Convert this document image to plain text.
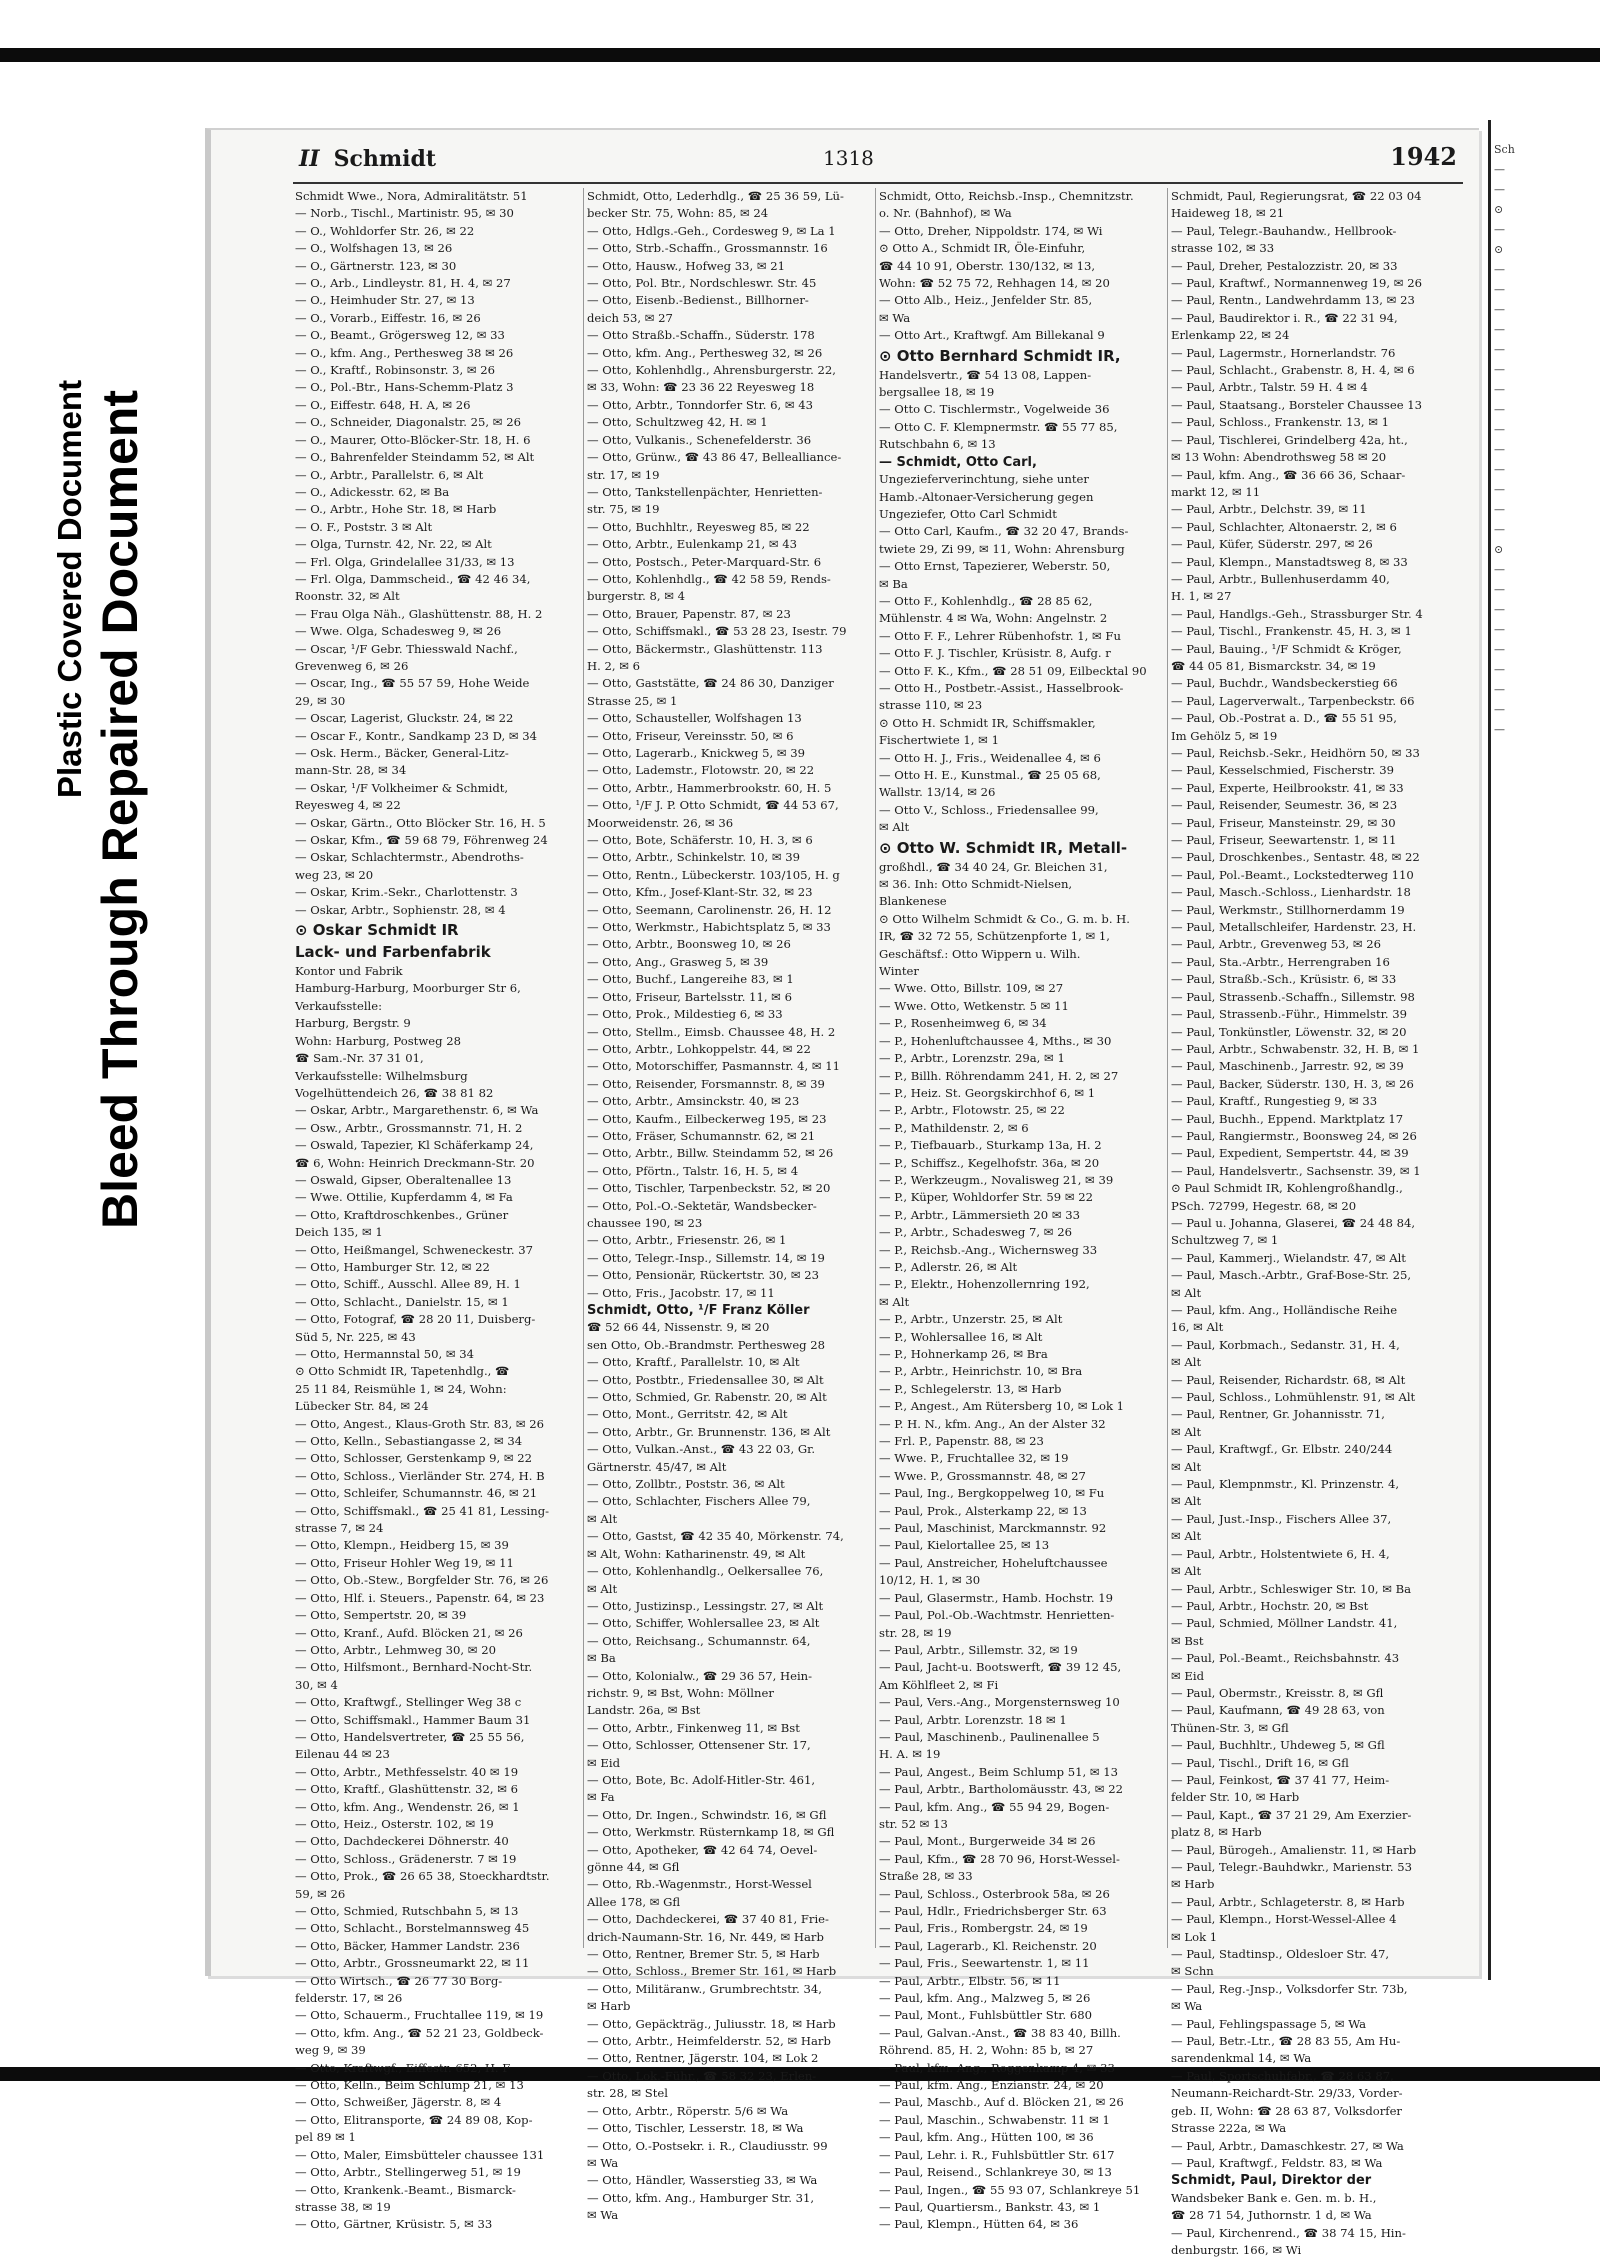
Bleed Through Repaired Document
Plastic Covered Document
II Schmidt	1318	1942
Schmidt Wwe., Nora, Admiralitätstr. 51
— Norb., Tischl., Martinistr. 95, ✉ 30
— O., Wohldorfer Str. 26, ✉ 22
— O., Wolfshagen 13, ✉ 26
— O., Gärtnerstr. 123, ✉ 30
— O., Arb., Lindleystr. 81, H. 4, ✉ 27
— O., Heimhuder Str. 27, ✉ 13
— O., Vorarb., Eiffestr. 16, ✉ 26
— O., Beamt., Grögersweg 12, ✉ 33
— O., kfm. Ang., Perthesweg 38 ✉ 26
— O., Kraftf., Robinsonstr. 3, ✉ 26
— O., Pol.-Btr., Hans-Schemm-Platz 3
— O., Eiffestr. 648, H. A, ✉ 26
— O., Schneider, Diagonalstr. 25, ✉ 26
— O., Maurer, Otto-Blöcker-Str. 18, H. 6
— O., Bahrenfelder Steindamm 52, ✉ Alt
— O., Arbtr., Parallelstr. 6, ✉ Alt
— O., Adickesstr. 62, ✉ Ba
— O., Arbtr., Hohe Str. 18, ✉ Harb
— O. F., Poststr. 3 ✉ Alt
— Olga, Turnstr. 42, Nr. 22, ✉ Alt
— Frl. Olga, Grindelallee 31/33, ✉ 13
— Frl. Olga, Dammscheid., ☎ 42 46 34,
Roonstr. 32, ✉ Alt
— Frau Olga Näh., Glashüttenstr. 88, H. 2
— Wwe. Olga, Schadesweg 9, ✉ 26
— Oscar, ¹/F Gebr. Thiesswald Nachf.,
Grevenweg 6, ✉ 26
— Oscar, Ing., ☎ 55 57 59, Hohe Weide
29, ✉ 30
— Oscar, Lagerist, Gluckstr. 24, ✉ 22
— Oscar F., Kontr., Sandkamp 23 D, ✉ 34
— Osk. Herm., Bäcker, General-Litz-
mann-Str. 28, ✉ 34
— Oskar, ¹/F Volkheimer & Schmidt,
Reyesweg 4, ✉ 22
— Oskar, Gärtn., Otto Blöcker Str. 16, H. 5
— Oskar, Kfm., ☎ 59 68 79, Föhrenweg 24
— Oskar, Schlachtermstr., Abendroths-
weg 23, ✉ 20
— Oskar, Krim.-Sekr., Charlottenstr. 3
— Oskar, Arbtr., Sophienstr. 28, ✉ 4
⊙ Oskar Schmidt IR
Lack- und Farbenfabrik
Kontor und Fabrik
Hamburg-Harburg, Moorburger Str 6,
Verkaufsstelle:
Harburg, Bergstr. 9
Wohn: Harburg, Postweg 28
☎ Sam.-Nr. 37 31 01,
Verkaufsstelle: Wilhelmsburg
Vogelhüttendeich 26, ☎ 38 81 82
— Oskar, Arbtr., Margarethenstr. 6, ✉ Wa
— Osw., Arbtr., Grossmannstr. 71, H. 2
— Oswald, Tapezier, Kl Schäferkamp 24,
☎ 6, Wohn: Heinrich Dreckmann-Str. 20
— Oswald, Gipser, Oberaltenallee 13
— Wwe. Ottilie, Kupferdamm 4, ✉ Fa
— Otto, Kraftdroschkenbes., Grüner
Deich 135, ✉ 1
— Otto, Heißmangel, Schweneckestr. 37
— Otto, Hamburger Str. 12, ✉ 22
— Otto, Schiff., Ausschl. Allee 89, H. 1
— Otto, Schlacht., Danielstr. 15, ✉ 1
— Otto, Fotograf, ☎ 28 20 11, Duisberg-
Süd 5, Nr. 225, ✉ 43
— Otto, Hermannstal 50, ✉ 34
⊙ Otto Schmidt IR, Tapetenhdlg., ☎
25 11 84, Reismühle 1, ✉ 24, Wohn:
Lübecker Str. 84, ✉ 24
— Otto, Angest., Klaus-Groth Str. 83, ✉ 26
— Otto, Kelln., Sebastiangasse 2, ✉ 34
— Otto, Schlosser, Gerstenkamp 9, ✉ 22
— Otto, Schloss., Vierländer Str. 274, H. B
— Otto, Schleifer, Schumannstr. 46, ✉ 21
— Otto, Schiffsmakl., ☎ 25 41 81, Lessing-
strasse 7, ✉ 24
— Otto, Klempn., Heidberg 15, ✉ 39
— Otto, Friseur Hohler Weg 19, ✉ 11
— Otto, Ob.-Stew., Borgfelder Str. 76, ✉ 26
— Otto, Hlf. i. Steuers., Papenstr. 64, ✉ 23
— Otto, Sempertstr. 20, ✉ 39
— Otto, Kranf., Aufd. Blöcken 21, ✉ 26
— Otto, Arbtr., Lehmweg 30, ✉ 20
— Otto, Hilfsmont., Bernhard-Nocht-Str.
30, ✉ 4
— Otto, Kraftwgf., Stellinger Weg 38 c
— Otto, Schiffsmakl., Hammer Baum 31
— Otto, Handelsvertreter, ☎ 25 55 56,
Eilenau 44 ✉ 23
— Otto, Arbtr., Methfesselstr. 40 ✉ 19
— Otto, Kraftf., Glashüttenstr. 32, ✉ 6
— Otto, kfm. Ang., Wendenstr. 26, ✉ 1
— Otto, Heiz., Osterstr. 102, ✉ 19
— Otto, Dachdeckerei Döhnerstr. 40
— Otto, Schloss., Grädenerstr. 7 ✉ 19
— Otto, Prok., ☎ 26 65 38, Stoeckhardtstr.
59, ✉ 26
— Otto, Schmied, Rutschbahn 5, ✉ 13
— Otto, Schlacht., Borstelmannsweg 45
— Otto, Bäcker, Hammer Landstr. 236
— Otto, Arbtr., Grossneumarkt 22, ✉ 11
— Otto Wirtsch., ☎ 26 77 30 Borg-
felderstr. 17, ✉ 26
— Otto, Schauerm., Fruchtallee 119, ✉ 19
— Otto, kfm. Ang., ☎ 52 21 23, Goldbeck-
weg 9, ✉ 39
— Otto, Kraftwgf., Eiffestr. 652, H. F
— Otto, Kelln., Beim Schlump 21, ✉ 13
— Otto, Schweißer, Jägerstr. 8, ✉ 4
— Otto, Elitransporte, ☎ 24 89 08, Kop-
pel 89 ✉ 1
— Otto, Maler, Eimsbütteler chaussee 131
— Otto, Arbtr., Stellingerweg 51, ✉ 19
— Otto, Krankenk.-Beamt., Bismarck-
strasse 38, ✉ 19
— Otto, Gärtner, Krüsistr. 5, ✉ 33
Schmidt, Otto, Lederhdlg., ☎ 25 36 59, Lü-
becker Str. 75, Wohn: 85, ✉ 24
— Otto, Hdlgs.-Geh., Cordesweg 9, ✉ La 1
— Otto, Strb.-Schaffn., Grossmannstr. 16
— Otto, Hausw., Hofweg 33, ✉ 21
— Otto, Pol. Btr., Nordschleswr. Str. 45
— Otto, Eisenb.-Bedienst., Billhorner-
deich 53, ✉ 27
— Otto Straßb.-Schaffn., Süderstr. 178
— Otto, kfm. Ang., Perthesweg 32, ✉ 26
— Otto, Kohlenhdlg., Ahrensburgerstr. 22,
✉ 33, Wohn: ☎ 23 36 22 Reyesweg 18
— Otto, Arbtr., Tonndorfer Str. 6, ✉ 43
— Otto, Schultzweg 42, H. ✉ 1
— Otto, Vulkanis., Schenefelderstr. 36
— Otto, Grünw., ☎ 43 86 47, Bellealliance-
str. 17, ✉ 19
— Otto, Tankstellenpächter, Henrietten-
str. 75, ✉ 19
— Otto, Buchhltr., Reyesweg 85, ✉ 22
— Otto, Arbtr., Eulenkamp 21, ✉ 43
— Otto, Postsch., Peter-Marquard-Str. 6
— Otto, Kohlenhdlg., ☎ 42 58 59, Rends-
burgerstr. 8, ✉ 4
— Otto, Brauer, Papenstr. 87, ✉ 23
— Otto, Schiffsmakl., ☎ 53 28 23, Isestr. 79
— Otto, Bäckermstr., Glashüttenstr. 113
H. 2, ✉ 6
— Otto, Gaststätte, ☎ 24 86 30, Danziger
Strasse 25, ✉ 1
— Otto, Schausteller, Wolfshagen 13
— Otto, Friseur, Vereinsstr. 50, ✉ 6
— Otto, Lagerarb., Knickweg 5, ✉ 39
— Otto, Lademstr., Flotowstr. 20, ✉ 22
— Otto, Arbtr., Hammerbrookstr. 60, H. 5
— Otto, ¹/F J. P. Otto Schmidt, ☎ 44 53 67,
Moorweidenstr. 26, ✉ 36
— Otto, Bote, Schäferstr. 10, H. 3, ✉ 6
— Otto, Arbtr., Schinkelstr. 10, ✉ 39
— Otto, Rentn., Lübeckerstr. 103/105, H. g
— Otto, Kfm., Josef-Klant-Str. 32, ✉ 23
— Otto, Seemann, Carolinenstr. 26, H. 12
— Otto, Werkmstr., Habichtsplatz 5, ✉ 33
— Otto, Arbtr., Boonsweg 10, ✉ 26
— Otto, Ang., Grasweg 5, ✉ 39
— Otto, Buchf., Langereihe 83, ✉ 1
— Otto, Friseur, Bartelsstr. 11, ✉ 6
— Otto, Prok., Mildestieg 6, ✉ 33
— Otto, Stellm., Eimsb. Chaussee 48, H. 2
— Otto, Arbtr., Lohkoppelstr. 44, ✉ 22
— Otto, Motorschiffer, Pasmannstr. 4, ✉ 11
— Otto, Reisender, Forsmannstr. 8, ✉ 39
— Otto, Arbtr., Amsinckstr. 40, ✉ 23
— Otto, Kaufm., Eilbeckerweg 195, ✉ 23
— Otto, Fräser, Schumannstr. 62, ✉ 21
— Otto, Arbtr., Billw. Steindamm 52, ✉ 26
— Otto, Pförtn., Talstr. 16, H. 5, ✉ 4
— Otto, Tischler, Tarpenbeckstr. 52, ✉ 20
— Otto, Pol.-O.-Sektetär, Wandsbecker-
chaussee 190, ✉ 23
— Otto, Arbtr., Friesenstr. 26, ✉ 1
— Otto, Telegr.-Insp., Sillemstr. 14, ✉ 19
— Otto, Pensionär, Rückertstr. 30, ✉ 23
— Otto, Fris., Jacobstr. 17, ✉ 11
Schmidt, Otto, ¹/F Franz Köller
☎ 52 66 44, Nissenstr. 9, ✉ 20
sen Otto, Ob.-Brandmstr. Perthesweg 28
— Otto, Kraftf., Parallelstr. 10, ✉ Alt
— Otto, Postbtr., Friedensallee 30, ✉ Alt
— Otto, Schmied, Gr. Rabenstr. 20, ✉ Alt
— Otto, Mont., Gerritstr. 42, ✉ Alt
— Otto, Arbtr., Gr. Brunnenstr. 136, ✉ Alt
— Otto, Vulkan.-Anst., ☎ 43 22 03, Gr.
Gärtnerstr. 45/47, ✉ Alt
— Otto, Zollbtr., Poststr. 36, ✉ Alt
— Otto, Schlachter, Fischers Allee 79,
✉ Alt
— Otto, Gastst, ☎ 42 35 40, Mörkenstr. 74,
✉ Alt, Wohn: Katharinenstr. 49, ✉ Alt
— Otto, Kohlenhandlg., Oelkersallee 76,
✉ Alt
— Otto, Justizinsp., Lessingstr. 27, ✉ Alt
— Otto, Schiffer, Wohlersallee 23, ✉ Alt
— Otto, Reichsang., Schumannstr. 64,
✉ Ba
— Otto, Kolonialw., ☎ 29 36 57, Hein-
richstr. 9, ✉ Bst, Wohn: Möllner
Landstr. 26a, ✉ Bst
— Otto, Arbtr., Finkenweg 11, ✉ Bst
— Otto, Schlosser, Ottensener Str. 17,
✉ Eid
— Otto, Bote, Bc. Adolf-Hitler-Str. 461,
✉ Fa
— Otto, Dr. Ingen., Schwindstr. 16, ✉ Gfl
— Otto, Werkmstr. Rüsternkamp 18, ✉ Gfl
— Otto, Apotheker, ☎ 42 64 74, Oevel-
gönne 44, ✉ Gfl
— Otto, Rb.-Wagenmstr., Horst-Wessel
Allee 178, ✉ Gfl
— Otto, Dachdeckerei, ☎ 37 40 81, Frie-
drich-Naumann-Str. 16, Nr. 449, ✉ Harb
— Otto, Rentner, Bremer Str. 5, ✉ Harb
— Otto, Schloss., Bremer Str. 161, ✉ Harb
— Otto, Militäranw., Grumbrechtstr. 34,
✉ Harb
— Otto, Gepäckträg., Juliusstr. 18, ✉ Harb
— Otto, Arbtr., Heimfelderstr. 52, ✉ Harb
— Otto, Rentner, Jägerstr. 104, ✉ Lok 2
— Otto, Lok.-Führ., ☎ 58 32 23, Erlen-
str. 28, ✉ Stel
— Otto, Arbtr., Röperstr. 5/6 ✉ Wa
— Otto, Tischler, Lesserstr. 18, ✉ Wa
— Otto, O.-Postsekr. i. R., Claudiusstr. 99
✉ Wa
— Otto, Händler, Wasserstieg 33, ✉ Wa
— Otto, kfm. Ang., Hamburger Str. 31,
✉ Wa
Schmidt, Otto, Reichsb.-Insp., Chemnitzstr.
o. Nr. (Bahnhof), ✉ Wa
— Otto, Dreher, Nippoldstr. 174, ✉ Wi
⊙ Otto A., Schmidt IR, Öle-Einfuhr,
☎ 44 10 91, Oberstr. 130/132, ✉ 13,
Wohn: ☎ 52 75 72, Rehhagen 14, ✉ 20
— Otto Alb., Heiz., Jenfelder Str. 85,
✉ Wa
— Otto Art., Kraftwgf. Am Billekanal 9
⊙ Otto Bernhard Schmidt IR,
Handelsvertr., ☎ 54 13 08, Lappen-
bergsallee 18, ✉ 19
— Otto C. Tischlermstr., Vogelweide 36
— Otto C. F. Klempnermstr. ☎ 55 77 85,
Rutschbahn 6, ✉ 13
— Schmidt, Otto Carl,
Ungezieferverinchtung, siehe unter
Hamb.-Altonaer-Versicherung gegen
Ungeziefer, Otto Carl Schmidt
— Otto Carl, Kaufm., ☎ 32 20 47, Brands-
twiete 29, Zi 99, ✉ 11, Wohn: Ahrensburg
— Otto Ernst, Tapezierer, Weberstr. 50,
✉ Ba
— Otto F., Kohlenhdlg., ☎ 28 85 62,
Mühlenstr. 4 ✉ Wa, Wohn: Angelnstr. 2
— Otto F. F., Lehrer Rübenhofstr. 1, ✉ Fu
— Otto F. J. Tischler, Krüsistr. 8, Aufg. r
— Otto F. K., Kfm., ☎ 28 51 09, Eilbecktal 90
— Otto H., Postbetr.-Assist., Hasselbrook-
strasse 110, ✉ 23
⊙ Otto H. Schmidt IR, Schiffsmakler,
Fischertwiete 1, ✉ 1
— Otto H. J., Fris., Weidenallee 4, ✉ 6
— Otto H. E., Kunstmal., ☎ 25 05 68,
Wallstr. 13/14, ✉ 26
— Otto V., Schloss., Friedensallee 99,
✉ Alt
⊙ Otto W. Schmidt IR, Metall-
großhdl., ☎ 34 40 24, Gr. Bleichen 31,
✉ 36. Inh: Otto Schmidt-Nielsen,
Blankenese
⊙ Otto Wilhelm Schmidt & Co., G. m. b. H.
IR, ☎ 32 72 55, Schützenpforte 1, ✉ 1,
Geschäftsf.: Otto Wippern u. Wilh.
Winter
— Wwe. Otto, Billstr. 109, ✉ 27
— Wwe. Otto, Wetkenstr. 5 ✉ 11
— P., Rosenheimweg 6, ✉ 34
— P., Hohenluftchaussee 4, Mths., ✉ 30
— P., Arbtr., Lorenzstr. 29a, ✉ 1
— P., Billh. Röhrendamm 241, H. 2, ✉ 27
— P., Heiz. St. Georgskirchhof 6, ✉ 1
— P., Arbtr., Flotowstr. 25, ✉ 22
— P., Mathildenstr. 2, ✉ 6
— P., Tiefbauarb., Sturkamp 13a, H. 2
— P., Schiffsz., Kegelhofstr. 36a, ✉ 20
— P., Werkzeugm., Novalisweg 21, ✉ 39
— P., Küper, Wohldorfer Str. 59 ✉ 22
— P., Arbtr., Lämmersieth 20 ✉ 33
— P., Arbtr., Schadesweg 7, ✉ 26
— P., Reichsb.-Ang., Wichernsweg 33
— P., Adlerstr. 26, ✉ Alt
— P., Elektr., Hohenzollernring 192,
✉ Alt
— P., Arbtr., Unzerstr. 25, ✉ Alt
— P., Wohlersallee 16, ✉ Alt
— P., Hohnerkamp 26, ✉ Bra
— P., Arbtr., Heinrichstr. 10, ✉ Bra
— P., Schlegelerstr. 13, ✉ Harb
— P., Angest., Am Rütersberg 10, ✉ Lok 1
— P. H. N., kfm. Ang., An der Alster 32
— Frl. P., Papenstr. 88, ✉ 23
— Wwe. P., Fruchtallee 32, ✉ 19
— Wwe. P., Grossmannstr. 48, ✉ 27
— Paul, Ing., Bergkoppelweg 10, ✉ Fu
— Paul, Prok., Alsterkamp 22, ✉ 13
— Paul, Maschinist, Marckmannstr. 92
— Paul, Kielortallee 25, ✉ 13
— Paul, Anstreicher, Hoheluftchaussee
10/12, H. 1, ✉ 30
— Paul, Glasermstr., Hamb. Hochstr. 19
— Paul, Pol.-Ob.-Wachtmstr. Henrietten-
str. 28, ✉ 19
— Paul, Arbtr., Sillemstr. 32, ✉ 19
— Paul, Jacht-u. Bootswerft, ☎ 39 12 45,
Am Köhlfleet 2, ✉ Fi
— Paul, Vers.-Ang., Morgensternsweg 10
— Paul, Arbtr. Lorenzstr. 18 ✉ 1
— Paul, Maschinenb., Paulinenallee 5
H. A. ✉ 19
— Paul, Angest., Beim Schlump 51, ✉ 13
— Paul, Arbtr., Bartholomäusstr. 43, ✉ 22
— Paul, kfm. Ang., ☎ 55 94 29, Bogen-
str. 52 ✉ 13
— Paul, Mont., Burgerweide 34 ✉ 26
— Paul, Kfm., ☎ 28 70 96, Horst-Wessel-
Straße 28, ✉ 33
— Paul, Schloss., Osterbrook 58a, ✉ 26
— Paul, Hdlr., Friedrichsberger Str. 63
— Paul, Fris., Rombergstr. 24, ✉ 19
— Paul, Lagerarb., Kl. Reichenstr. 20
— Paul, Fris., Seewartenstr. 1, ✉ 11
— Paul, Arbtr., Elbstr. 56, ✉ 11
— Paul, kfm. Ang., Malzweg 5, ✉ 26
— Paul, Mont., Fuhlsbüttler Str. 680
— Paul, Galvan.-Anst., ☎ 38 83 40, Billh.
Röhrend. 85, H. 2, Wohn: 85 b, ✉ 27
— Paul, kfm. Ang., Roggenkamp 4, ✉ 33
— Paul, kfm. Ang., Enzianstr. 24, ✉ 20
— Paul, Maschb., Auf d. Blöcken 21, ✉ 26
— Paul, Maschin., Schwabenstr. 11 ✉ 1
— Paul, kfm. Ang., Hütten 100, ✉ 36
— Paul, Lehr. i. R., Fuhlsbüttler Str. 617
— Paul, Reisend., Schlankreye 30, ✉ 13
— Paul, Ingen., ☎ 55 93 07, Schlankreye 51
— Paul, Quartiersm., Bankstr. 43, ✉ 1
— Paul, Klempn., Hütten 64, ✉ 36
Schmidt, Paul, Regierungsrat, ☎ 22 03 04
Haideweg 18, ✉ 21
— Paul, Telegr.-Bauhandw., Hellbrook-
strasse 102, ✉ 33
— Paul, Dreher, Pestalozzistr. 20, ✉ 33
— Paul, Kraftwf., Normannenweg 19, ✉ 26
— Paul, Rentn., Landwehrdamm 13, ✉ 23
— Paul, Baudirektor i. R., ☎ 22 31 94,
Erlenkamp 22, ✉ 24
— Paul, Lagermstr., Hornerlandstr. 76
— Paul, Schlacht., Grabenstr. 8, H. 4, ✉ 6
— Paul, Arbtr., Talstr. 59 H. 4 ✉ 4
— Paul, Staatsang., Borsteler Chaussee 13
— Paul, Schloss., Frankenstr. 13, ✉ 1
— Paul, Tischlerei, Grindelberg 42a, ht.,
✉ 13 Wohn: Abendrothsweg 58 ✉ 20
— Paul, kfm. Ang., ☎ 36 66 36, Schaar-
markt 12, ✉ 11
— Paul, Arbtr., Delchstr. 39, ✉ 11
— Paul, Schlachter, Altonaerstr. 2, ✉ 6
— Paul, Küfer, Süderstr. 297, ✉ 26
— Paul, Klempn., Manstadtsweg 8, ✉ 33
— Paul, Arbtr., Bullenhuserdamm 40,
H. 1, ✉ 27
— Paul, Handlgs.-Geh., Strassburger Str. 4
— Paul, Tischl., Frankenstr. 45, H. 3, ✉ 1
— Paul, Bauing., ¹/F Schmidt & Kröger,
☎ 44 05 81, Bismarckstr. 34, ✉ 19
— Paul, Buchdr., Wandsbeckerstieg 66
— Paul, Lagerverwalt., Tarpenbeckstr. 66
— Paul, Ob.-Postrat a. D., ☎ 55 51 95,
Im Gehölz 5, ✉ 19
— Paul, Reichsb.-Sekr., Heidhörn 50, ✉ 33
— Paul, Kesselschmied, Fischerstr. 39
— Paul, Experte, Heilbrookstr. 41, ✉ 33
— Paul, Reisender, Seumestr. 36, ✉ 23
— Paul, Friseur, Mansteinstr. 29, ✉ 30
— Paul, Friseur, Seewartenstr. 1, ✉ 11
— Paul, Droschkenbes., Sentastr. 48, ✉ 22
— Paul, Pol.-Beamt., Lockstedterweg 110
— Paul, Masch.-Schloss., Lienhardstr. 18
— Paul, Werkmstr., Stillhornerdamm 19
— Paul, Metallschleifer, Hardenstr. 23, H.
— Paul, Arbtr., Grevenweg 53, ✉ 26
— Paul, Sta.-Arbtr., Herrengraben 16
— Paul, Straßb.-Sch., Krüsistr. 6, ✉ 33
— Paul, Strassenb.-Schaffn., Sillemstr. 98
— Paul, Strassenb.-Führ., Himmelstr. 39
— Paul, Tonkünstler, Löwenstr. 32, ✉ 20
— Paul, Arbtr., Schwabenstr. 32, H. B, ✉ 1
— Paul, Maschinenb., Jarrestr. 92, ✉ 39
— Paul, Backer, Süderstr. 130, H. 3, ✉ 26
— Paul, Kraftf., Rungestieg 9, ✉ 33
— Paul, Buchh., Eppend. Marktplatz 17
— Paul, Rangiermstr., Boonsweg 24, ✉ 26
— Paul, Expedient, Sempertstr. 44, ✉ 39
— Paul, Handelsvertr., Sachsenstr. 39, ✉ 1
⊙ Paul Schmidt IR, Kohlengroßhandlg.,
PSch. 72799, Hegestr. 68, ✉ 20
— Paul u. Johanna, Glaserei, ☎ 24 48 84,
Schultzweg 7, ✉ 1
— Paul, Kammerj., Wielandstr. 47, ✉ Alt
— Paul, Masch.-Arbtr., Graf-Bose-Str. 25,
✉ Alt
— Paul, kfm. Ang., Holländische Reihe
16, ✉ Alt
— Paul, Korbmach., Sedanstr. 31, H. 4,
✉ Alt
— Paul, Reisender, Richardstr. 68, ✉ Alt
— Paul, Schloss., Lohmühlenstr. 91, ✉ Alt
— Paul, Rentner, Gr. Johannisstr. 71,
✉ Alt
— Paul, Kraftwgf., Gr. Elbstr. 240/244
✉ Alt
— Paul, Klempnmstr., Kl. Prinzenstr. 4,
✉ Alt
— Paul, Just.-Insp., Fischers Allee 37,
✉ Alt
— Paul, Arbtr., Holstentwiete 6, H. 4,
✉ Alt
— Paul, Arbtr., Schleswiger Str. 10, ✉ Ba
— Paul, Arbtr., Hochstr. 20, ✉ Bst
— Paul, Schmied, Möllner Landstr. 41,
✉ Bst
— Paul, Pol.-Beamt., Reichsbahnstr. 43
✉ Eid
— Paul, Obermstr., Kreisstr. 8, ✉ Gfl
— Paul, Kaufmann, ☎ 49 28 63, von
Thünen-Str. 3, ✉ Gfl
— Paul, Buchhltr., Uhdeweg 5, ✉ Gfl
— Paul, Tischl., Drift 16, ✉ Gfl
— Paul, Feinkost, ☎ 37 41 77, Heim-
felder Str. 10, ✉ Harb
— Paul, Kapt., ☎ 37 21 29, Am Exerzier-
platz 8, ✉ Harb
— Paul, Bürogeh., Amalienstr. 11, ✉ Harb
— Paul, Telegr.-Bauhdwkr., Marienstr. 53
✉ Harb
— Paul, Arbtr., Schlageterstr. 8, ✉ Harb
— Paul, Klempn., Horst-Wessel-Allee 4
✉ Lok 1
— Paul, Stadtinsp., Oldesloer Str. 47,
✉ Schn
— Paul, Reg.-Jnsp., Volksdorfer Str. 73b,
✉ Wa
— Paul, Fehlingspassage 5, ✉ Wa
— Paul, Betr.-Ltr., ☎ 28 83 55, Am Hu-
sarendenkmal 14, ✉ Wa
— Paul, Sportschuhfabr., ☎ 28 63 87,
Neumann-Reichardt-Str. 29/33, Vorder-
geb. II, Wohn: ☎ 28 63 87, Volksdorfer
Strasse 222a, ✉ Wa
— Paul, Arbtr., Damaschkestr. 27, ✉ Wa
— Paul, Kraftwgf., Feldstr. 83, ✉ Wa
Schmidt, Paul, Direktor der
Wandsbeker Bank e. Gen. m. b. H.,
☎ 28 71 54, Juthornstr. 1 d, ✉ Wa
— Paul, Kirchenrend., ☎ 38 74 15, Hin-
denburgstr. 166, ✉ Wi
Sch
—
—
⊙
—
⊙
—
—
—
—
—
—
—
—
—
—
—
—
—
—
⊙
—
—
—
—
—
—
—
—
—
